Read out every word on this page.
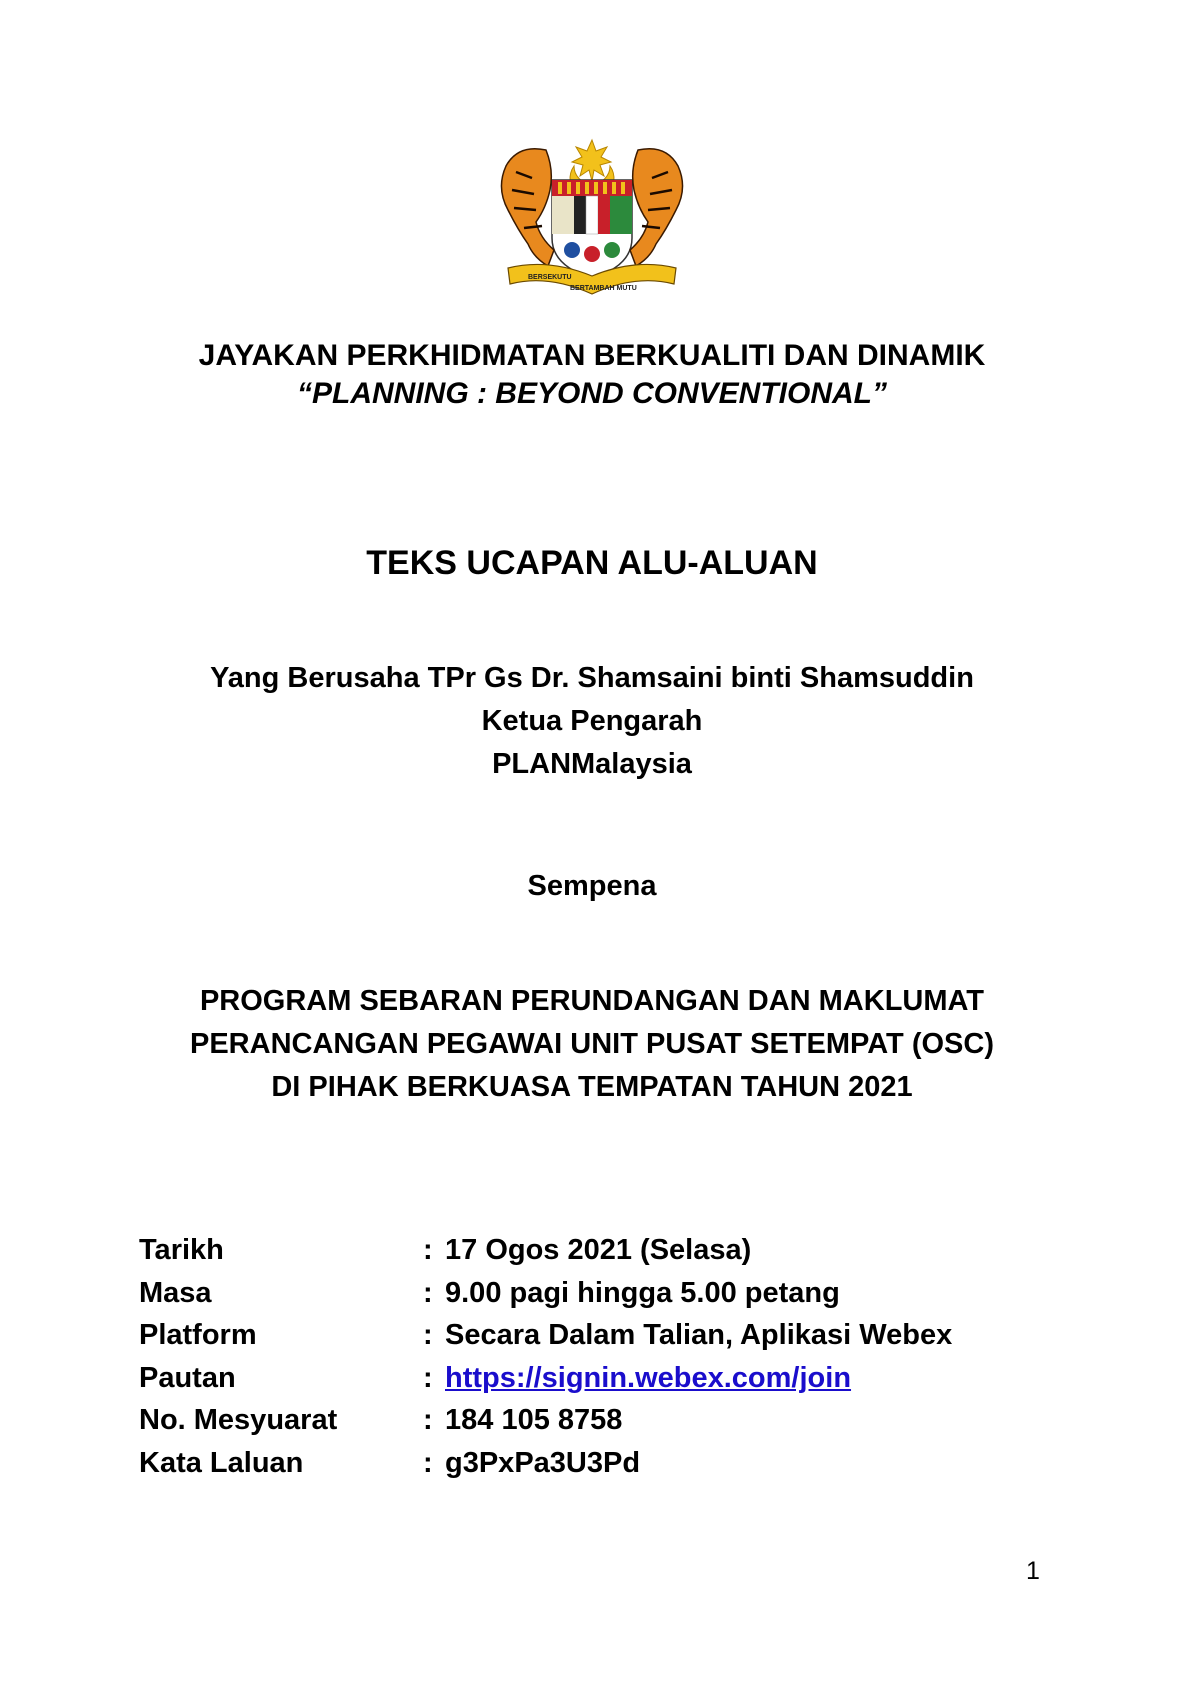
BERSEKUTU
BERTAMBAH MUTU
JAYAKAN PERKHIDMATAN BERKUALITI DAN DINAMIK
“PLANNING : BEYOND CONVENTIONAL”
TEKS UCAPAN ALU-ALUAN
Yang Berusaha TPr Gs Dr. Shamsaini binti Shamsuddin
Ketua Pengarah
PLANMalaysia
Sempena
PROGRAM SEBARAN PERUNDANGAN DAN MAKLUMAT
PERANCANGAN PEGAWAI UNIT PUSAT SETEMPAT (OSC)
DI PIHAK BERKUASA TEMPATAN TAHUN 2021
Tarikh	: 17 Ogos 2021 (Selasa)
Masa	: 9.00 pagi hingga 5.00 petang
Platform	: Secara Dalam Talian, Aplikasi Webex
Pautan	: https://signin.webex.com/join
No. Mesyuarat	: 184 105 8758
Kata Laluan	: g3PxPa3U3Pd
1
